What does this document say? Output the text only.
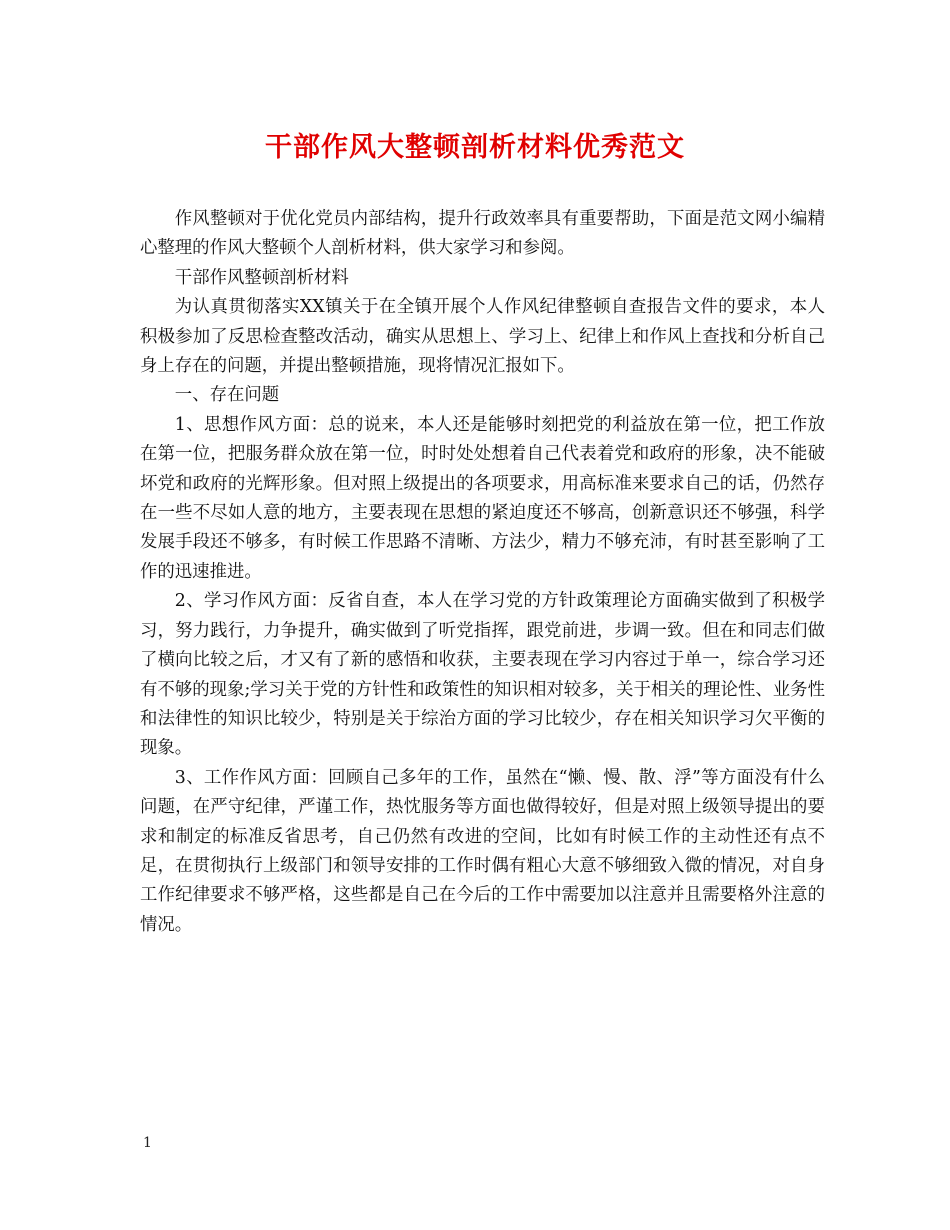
干部作风大整顿剖析材料优秀范文

作风整顿对于优化党员内部结构，提升行政效率具有重要帮助，下面是范文网小编精心整理的作风大整顿个人剖析材料，供大家学习和参阅。

干部作风整顿剖析材料

为认真贯彻落实XX镇关于在全镇开展个人作风纪律整顿自查报告文件的要求，本人积极参加了反思检查整改活动，确实从思想上、学习上、纪律上和作风上查找和分析自己身上存在的问题，并提出整顿措施，现将情况汇报如下。

一、存在问题

1、思想作风方面：总的说来，本人还是能够时刻把党的利益放在第一位，把工作放在第一位，把服务群众放在第一位，时时处处想着自己代表着党和政府的形象，决不能破坏党和政府的光辉形象。但对照上级提出的各项要求，用高标准来要求自己的话，仍然存在一些不尽如人意的地方，主要表现在思想的紧迫度还不够高，创新意识还不够强，科学发展手段还不够多，有时候工作思路不清晰、方法少，精力不够充沛，有时甚至影响了工作的迅速推进。

2、学习作风方面：反省自查，本人在学习党的方针政策理论方面确实做到了积极学习，努力践行，力争提升，确实做到了听党指挥，跟党前进，步调一致。但在和同志们做了横向比较之后，才又有了新的感悟和收获，主要表现在学习内容过于单一，综合学习还有不够的现象;学习关于党的方针性和政策性的知识相对较多，关于相关的理论性、业务性和法律性的知识比较少，特别是关于综治方面的学习比较少，存在相关知识学习欠平衡的现象。

3、工作作风方面：回顾自己多年的工作，虽然在“懒、慢、散、浮”等方面没有什么问题，在严守纪律，严谨工作，热忱服务等方面也做得较好，但是对照上级领导提出的要求和制定的标准反省思考，自己仍然有改进的空间，比如有时候工作的主动性还有点不足，在贯彻执行上级部门和领导安排的工作时偶有粗心大意不够细致入微的情况，对自身工作纪律要求不够严格，这些都是自己在今后的工作中需要加以注意并且需要格外注意的情况。

1
